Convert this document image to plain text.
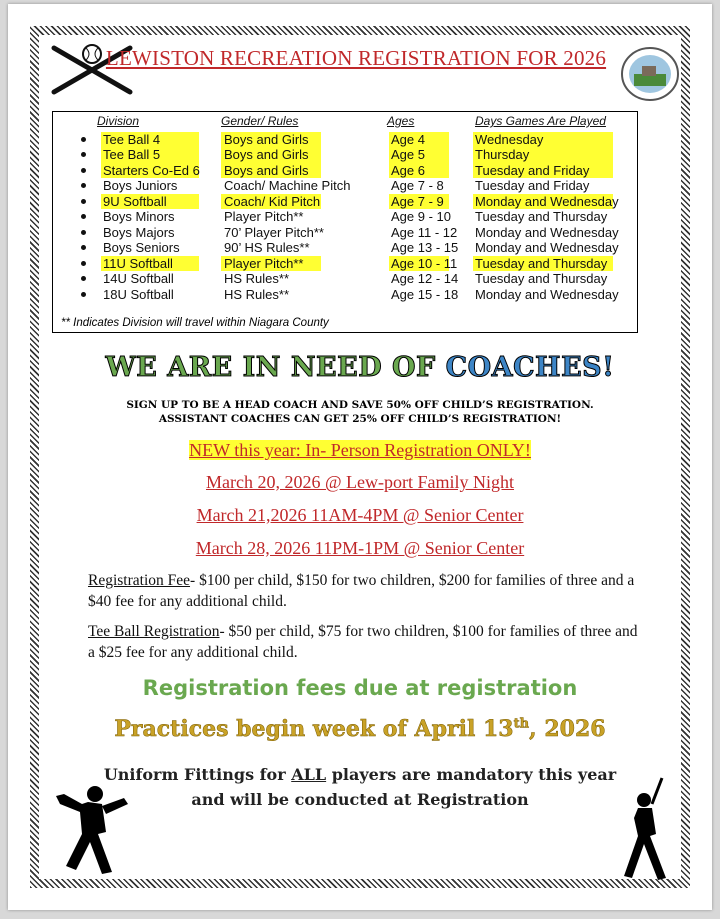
LEWISTON RECREATION REGISTRATION FOR 2026
Division	Gender/ Rules	Ages	Days Games Are Played
Tee Ball 4	Boys and Girls	Age 4	Wednesday
Tee Ball 5	Boys and Girls	Age 5	Thursday
Starters Co-Ed 6 Boys and Girls	Age 6	Tuesday and Friday
Boys Juniors	Coach/ Machine Pitch	Age 7 - 8 Tuesday and Friday
9U Softball	Coach/ Kid Pitch	Age 7 - 9 Monday and Wednesday
Boys Minors	Player Pitch**	Age 9 - 10 Tuesday and Thursday
Boys Majors	70’ Player Pitch**	Age 11 - 12 Monday and Wednesday
Boys Seniors	90’ HS Rules**	Age 13 - 15 Monday and Wednesday
11U Softball	Player Pitch**	Age 10 - 11 Tuesday and Thursday
14U Softball	HS Rules**	Age 12 - 14 Tuesday and Thursday
18U Softball	HS Rules**	Age 15 - 18 Monday and Wednesday
** Indicates Division will travel within Niagara County
WE ARE IN NEED OF COACHES!
SIGN UP TO BE A HEAD COACH AND SAVE 50% OFF CHILD’S REGISTRATION.
ASSISTANT COACHES CAN GET 25% OFF CHILD’S REGISTRATION!
NEW this year: In- Person Registration ONLY!
March 20, 2026 @ Lew-port Family Night
March 21,2026 11AM-4PM @ Senior Center
March 28, 2026 11PM-1PM @ Senior Center
Registration Fee- $100 per child, $150 for two children, $200 for families of three and a $40 fee for any additional child.
Tee Ball Registration- $50 per child, $75 for two children, $100 for families of three and a $25 fee for any additional child.
Registration fees due at registration
Practices begin week of April 13th, 2026
Uniform Fittings for ALL players are mandatory this year and will be conducted at Registration
